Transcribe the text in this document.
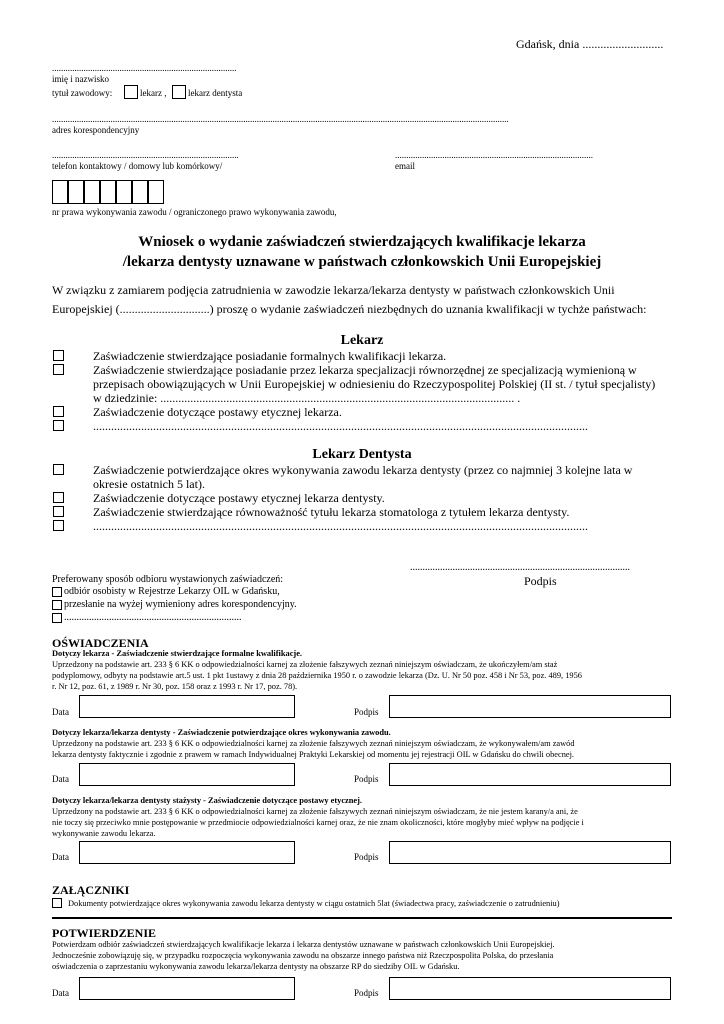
Gdańsk, dnia ...........................
..................................................................................
imię i nazwisko
tytuł zawodowy:	lekarz , lekarz dentysta
...........................................................................................................................................................................................................
adres korespondencyjny
...................................................................................
telefon kontaktowy / domowy lub komórkowy/
........................................................................................
email
nr prawa wykonywania zawodu / ograniczonego prawo wykonywania zawodu,
Wniosek o wydanie zaświadczeń stwierdzających kwalifikacje lekarza
/lekarza dentysty uznawane w państwach członkowskich Unii Europejskiej
W związku z zamiarem podjęcia zatrudnienia w zawodzie lekarza/lekarza dentysty w państwach członkowskich Unii
Europejskiej (..............................) proszę o wydanie zaświadczeń niezbędnych do uznania kwalifikacji w tychże państwach:
Lekarz
Zaświadczenie stwierdzające posiadanie formalnych kwalifikacji lekarza.
Zaświadczenie stwierdzające posiadanie przez lekarza specjalizacji równorzędnej ze specjalizacją wymienioną w
przepisach obowiązujących w Unii Europejskiej w odniesieniu do Rzeczypospolitej Polskiej (II st. / tytuł specjalisty)
w dziedzinie: ...................................................................................................................... .
Zaświadczenie dotyczące postawy etycznej lekarza.
.....................................................................................................................................................................
Lekarz Dentysta
Zaświadczenie potwierdzające okres wykonywania zawodu lekarza dentysty (przez co najmniej 3 kolejne lata w
okresie ostatnich 5 lat).
Zaświadczenie dotyczące postawy etycznej lekarza dentysty.
Zaświadczenie stwierdzające równoważność tytułu lekarza stomatologa z tytułem lekarza dentysty.
.....................................................................................................................................................................
........................................................................................
Podpis
Preferowany sposób odbioru wystawionych zaświadczeń:
odbiór osobisty w Rejestrze Lekarzy OIL w Gdańsku,
przesłanie na wyżej wymieniony adres korespondencyjny.
.......................................................................
OŚWIADCZENIA
Dotyczy lekarza - Zaświadczenie stwierdzające formalne kwalifikacje.
Uprzedzony na podstawie art. 233 § 6 KK o odpowiedzialności karnej za złożenie fałszywych zeznań niniejszym oświadczam, że ukończyłem/am staż
podyplomowy, odbyty na podstawie art.5 ust. 1 pkt 1ustawy z dnia 28 października 1950 r. o zawodzie lekarza (Dz. U. Nr 50 poz. 458 i Nr 53, poz. 489, 1956
r. Nr 12, poz. 61, z 1989 r. Nr 30, poz. 158 oraz z 1993 r. Nr 17, poz. 78).
Data	Podpis
Dotyczy lekarza/lekarza dentysty - Zaświadczenie potwierdzające okres wykonywania zawodu.
Uprzedzony na podstawie art. 233 § 6 KK o odpowiedzialności karnej za złożenie fałszywych zeznań niniejszym oświadczam, że wykonywałem/am zawód
lekarza dentysty faktycznie i zgodnie z prawem w ramach Indywidualnej Praktyki Lekarskiej od momentu jej rejestracji OIL w Gdańsku do chwili obecnej.
Data	Podpis
Dotyczy lekarza/lekarza dentysty stażysty - Zaświadczenie dotyczące postawy etycznej.
Uprzedzony na podstawie art. 233 § 6 KK o odpowiedzialności karnej za złożenie fałszywych zeznań niniejszym oświadczam, że nie jestem karany/a ani, że
nie toczy się przeciwko mnie postępowanie w przedmiocie odpowiedzialności karnej oraz, że nie znam okoliczności, które mogłyby mieć wpływ na podjęcie i
wykonywanie zawodu lekarza.
Data	Podpis
ZAŁĄCZNIKI
Dokumenty potwierdzające okres wykonywania zawodu lekarza dentysty w ciągu ostatnich 5lat (świadectwa pracy, zaświadczenie o zatrudnieniu)
POTWIERDZENIE
Potwierdzam odbiór zaświadczeń stwierdzających kwalifikacje lekarza i lekarza dentystów uznawane w państwach członkowskich Unii Europejskiej.
Jednocześnie zobowiązuję się, w przypadku rozpoczęcia wykonywania zawodu na obszarze innego państwa niż Rzeczpospolita Polska, do przesłania
oświadczenia o zaprzestaniu wykonywania zawodu lekarza/lekarza dentysty na obszarze RP do siedziby OIL w Gdańsku.
Data	Podpis
